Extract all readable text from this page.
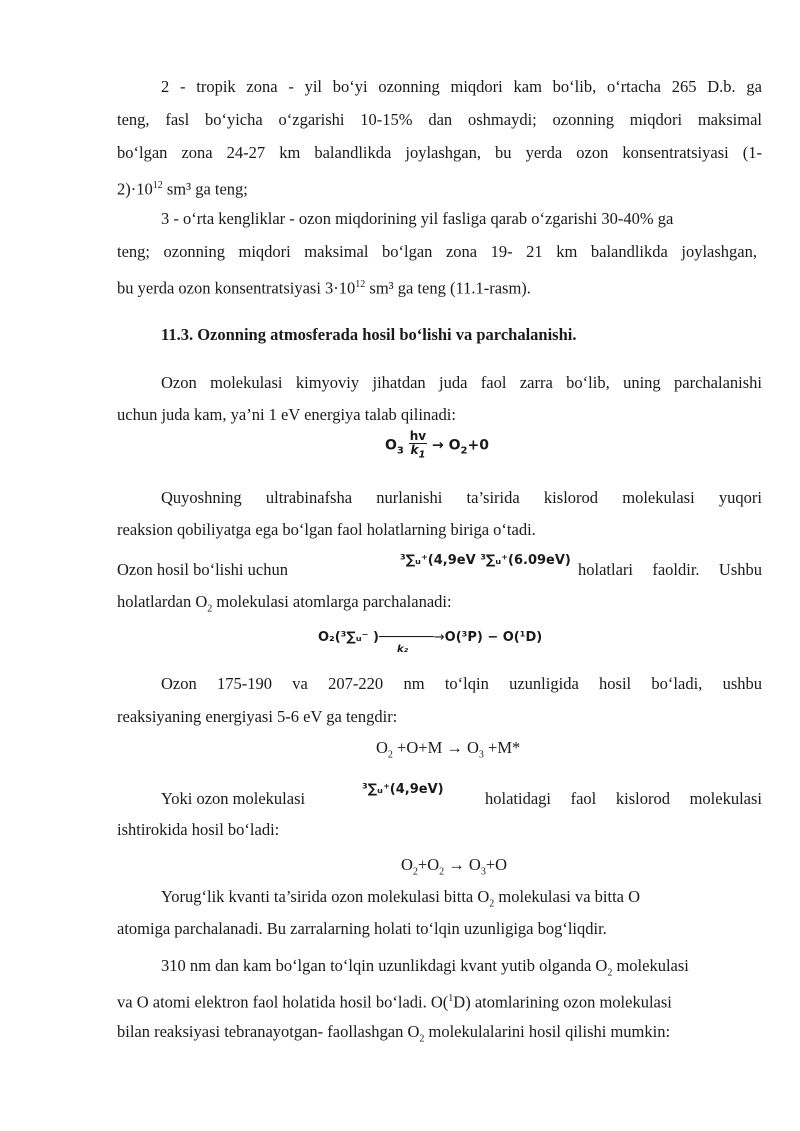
2 - tropik zona - yil bo‘yi ozonning miqdori kam bo‘lib, o‘rtacha 265 D.b. ga
teng, fasl bo‘yicha o‘zgarishi 10-15% dan oshmaydi; ozonning miqdori maksimal
bo‘lgan zona 24-27 km balandlikda joylashgan, bu yerda ozon konsentratsiyasi (1-
$2)\cdot 10^{12}$ sm³ ga teng;
3 - o‘rta kengliklar - ozon miqdorining yil fasliga qarab o‘zgarishi 30-40% ga
teng; ozonning miqdori maksimal bo‘lgan zona 19- 21 km balandlikda joylashgan,
bu yerda ozon konsentratsiyasi $3\cdot 10^{12}$ sm³ ga teng (11.1-rasm).
11.3. Ozonning atmosferada hosil bo‘lishi va parchalanishi.
Ozon molekulasi kimyoviy jihatdan juda faol zarra bo‘lib, uning parchalanishi
uchun juda kam, ya’ni 1 eV energiya talab qilinadi:
$O_3 \frac{hv}{k_1} \to O_2+0$
Quyoshning ultrabinafsha nurlanishi ta’sirida kislorod molekulasi yuqori
reaksion qobiliyatga ega bo‘lgan faol holatlarning biriga o‘tadi.
Ozon hosil bo‘lishi uchun	³∑ᵤ⁺(4,9eV ³∑ᵤ⁺(6.09eV) holatlari faoldir. Ushbu
holatlardan $O_2$ molekulasi atomlarga parchalanadi:
O₂(³∑ᵤ⁻ )───────→
k₂
O(³P) − O(¹D)
Ozon 175-190 va 207-220 nm to‘lqin uzunligida hosil bo‘ladi, ushbu
reaksiyaning energiyasi 5-6 eV ga tengdir:
$O_2 +O+M \to O_3 +M*$
Yoki ozon molekulasi	³∑ᵤ⁺(4,9eV)	holatidagi faol kislorod molekulasi
ishtirokida hosil bo‘ladi:
$O_2+O_2 \to O_3+O$
Yorug‘lik kvanti ta’sirida ozon molekulasi bitta $O_2$ molekulasi va bitta O
atomiga parchalanadi. Bu zarralarning holati to‘lqin uzunligiga bog‘liqdir.
310 nm dan kam bo‘lgan to‘lqin uzunlikdagi kvant yutib olganda $O_2$ molekulasi
va O atomi elektron faol holatida hosil bo‘ladi. O($^1$D) atomlarining ozon molekulasi
bilan reaksiyasi tebranayotgan- faollashgan $O_2$ molekulalarini hosil qilishi mumkin:
